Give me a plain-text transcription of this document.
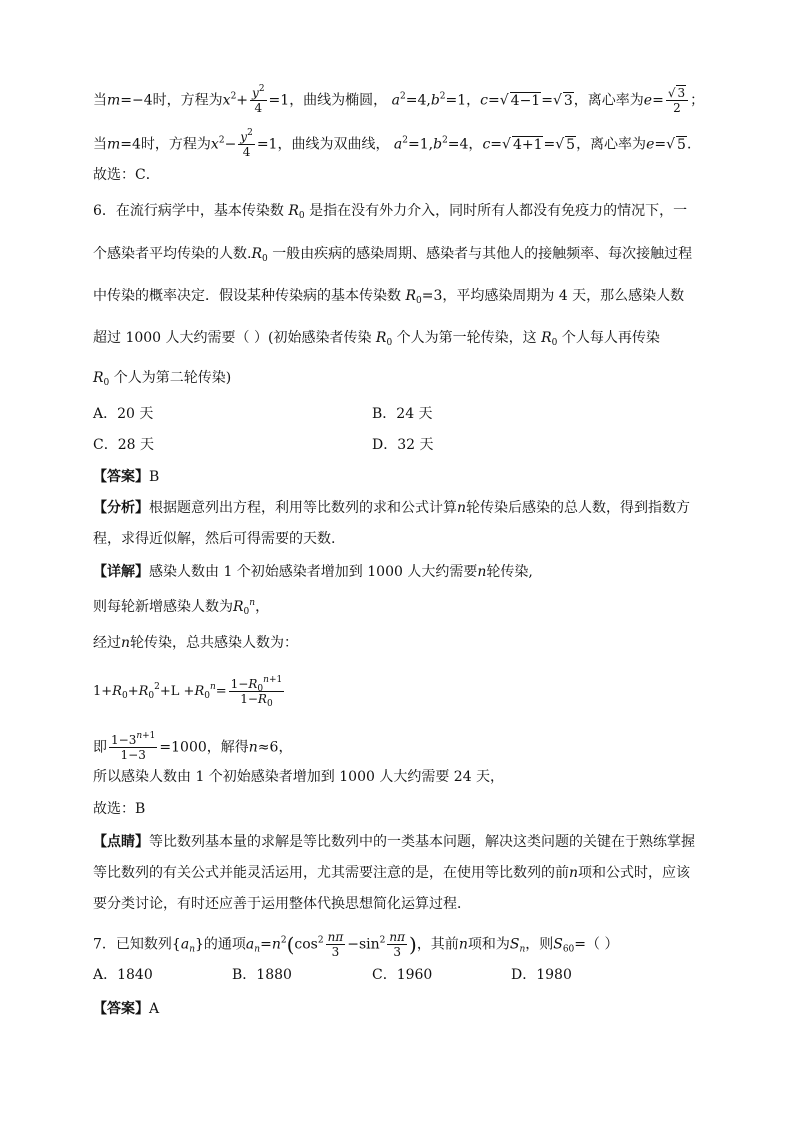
当m=−4时，方程为$x^2+ \frac{y^2}{4} =1$，曲线为椭圆， $a^2=4,b^2=1$，c=√ 4−1=√ 3，离心率为$e= \frac{√ 3}{2}$ ；
当m=4时，方程为$x^2- \frac{y^2}{4} =1$，曲线为双曲线， $a^2=1,b^2=4$，c=√ 4+1=√ 5，离心率为e=√ 5．
故选：C．
6．在流行病学中，基本传染数 $R_0$ 是指在没有外力介入，同时所有人都没有免疫力的情况下，一
个感染者平均传染的人数$.R_0$ 一般由疾病的感染周期、感染者与其他人的接触频率、每次接触过程
中传染的概率决定．假设某种传染病的基本传染数 $R_0=3$，平均感染周期为 4 天，那么感染人数
超过 1000 人大约需要（ ）(初始感染者传染 $R_0$ 个人为第一轮传染，这 $R_0$ 个人每人再传染
$R_0$ 个人为第二轮传染)
A．20 天	B．24 天
C．28 天	D．32 天
【答案】B
【分析】根据题意列出方程，利用等比数列的求和公式计算n轮传染后感染的总人数，得到指数方
程，求得近似解，然后可得需要的天数.
【详解】感染人数由 1 个初始感染者增加到 1000 人大约需要n轮传染,
则每轮新增感染人数为$R_0^n$，
经过n轮传染，总共感染人数为：
$1+R_0+R_0^2+L +R_0^n= \frac{1-R_0^{n+1}}{1-R_0}$
即 $\frac{1-3^{n+1}}{1-3} =1000$，解得n≈6，
所以感染人数由 1 个初始感染者增加到 1000 人大约需要 24 天，
故选：B
【点睛】等比数列基本量的求解是等比数列中的一类基本问题，解决这类问题的关键在于熟练掌握
等比数列的有关公式并能灵活运用，尤其需要注意的是，在使用等比数列的前n项和公式时，应该
要分类讨论，有时还应善于运用整体代换思想简化运算过程．
7．已知数列$\{a_n\}$的通项$a_n=n^2(\cos^2 \frac{n\pi}{3} -\sin^2 \frac{n\pi}{3}$ )，其前n项和为$S_n$，则$S_{60}=$（ ）
A．1840	B．1880	C．1960	D．1980
【答案】A
